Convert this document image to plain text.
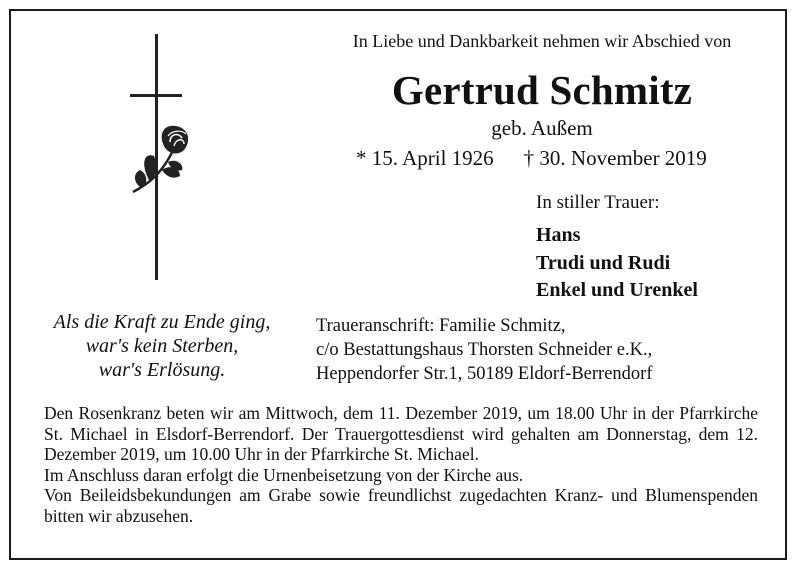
In Liebe und Dankbarkeit nehmen wir Abschied von
Gertrud Schmitz
geb. Außem
* 15. April 1926 † 30. November 2019
In stiller Trauer:
Hans
Trudi und Rudi
Enkel und Urenkel
Als die Kraft zu Ende ging,
war's kein Sterben,
war's Erlösung.
Traueranschrift: Familie Schmitz,
c/o Bestattungshaus Thorsten Schneider e.K.,
Heppendorfer Str.1, 50189 Eldorf-Berrendorf

Den Rosenkranz beten wir am Mittwoch, dem 11. Dezember 2019, um 18.00 Uhr in der Pfarrkirche St. Michael in Elsdorf-Berrendorf. Der Trauergottesdienst wird gehalten am Donnerstag, dem 12. Dezember 2019, um 10.00 Uhr in der Pfarrkirche St. Michael.

Im Anschluss daran erfolgt die Urnenbeisetzung von der Kirche aus.

Von Beileidsbekundungen am Grabe sowie freundlichst zugedachten Kranz- und Blumenspenden bitten wir abzusehen.
